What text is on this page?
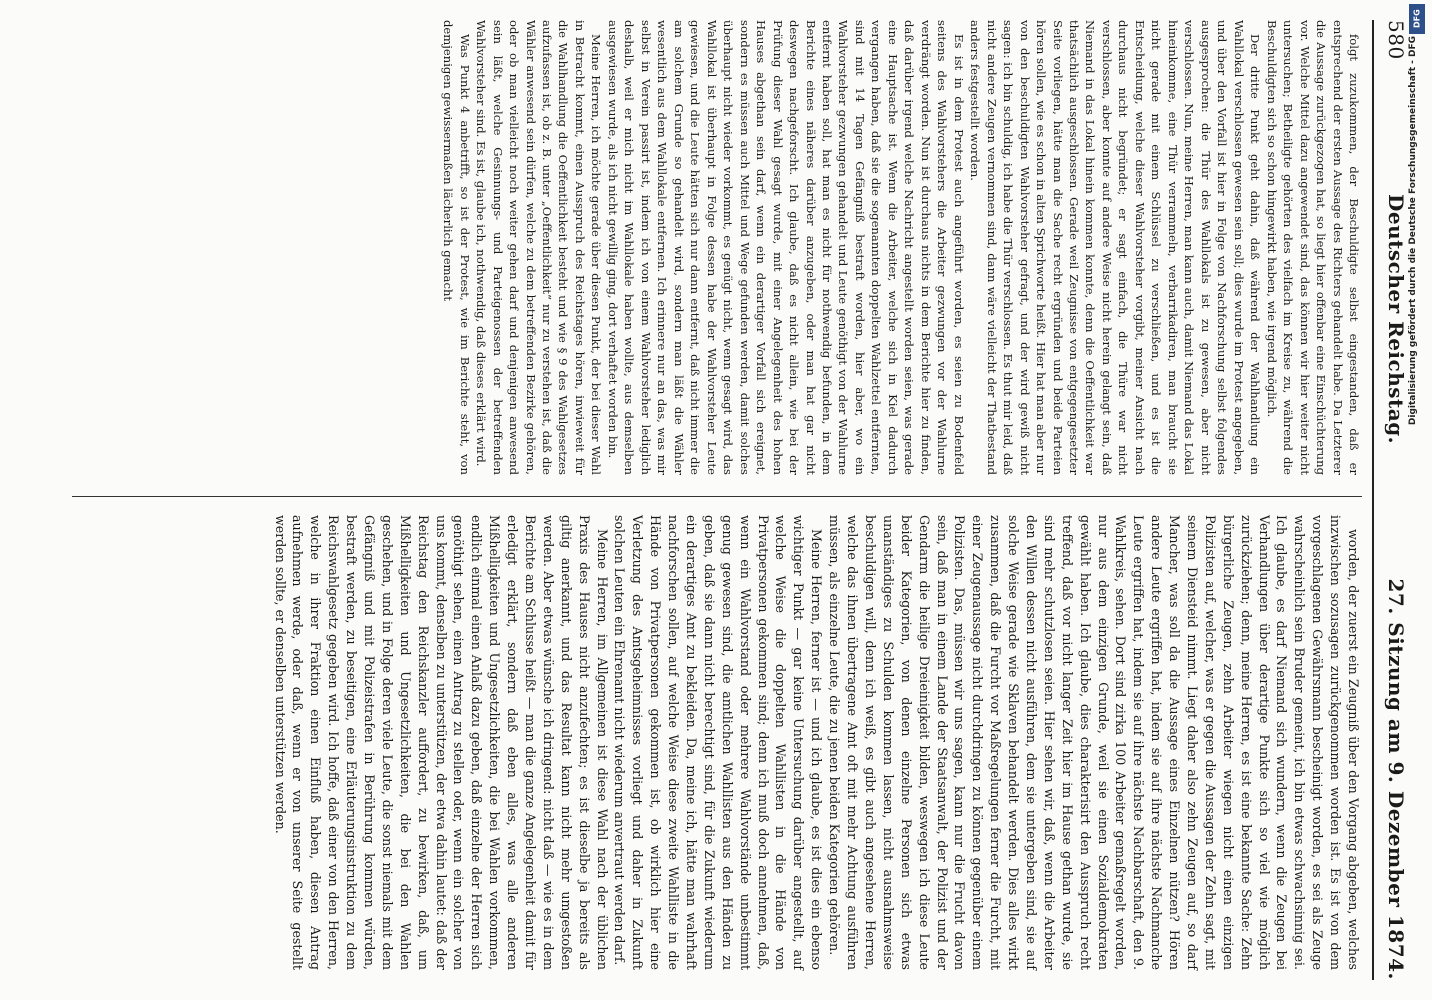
580
Deutscher Reichstag.
27. Sitzung am 9. Dezember 1874.

folgt zuzukommen, der Beschuldigte selbst eingestanden, daß er entsprechend der ersten Aussage des Richters gehandelt habe. Da Letzterer die Aussage zurückgezogen hat, so liegt hier offenbar eine Einschüchterung vor. Welche Mittel dazu angewendet sind, das können wir hier weiter nicht untersuchen; Betheiligte gehörten des vielfach im Kreise zu, während die Beschuldigten sich so schon hingewirkt haben, wie irgend möglich.

Der dritte Punkt geht dahin, daß während der Wahlhandlung ein Wahllokal verschlossen gewesen sein soll; dies wurde im Protest angegeben, und über den Vorfall ist hier in Folge von Nachforschung selbst folgendes ausgesprochen: die Thür des Wahllokals ist zu gewesen, aber nicht verschlossen. Nun, meine Herren, man kann auch, damit Niemand das Lokal hineinkomme, eine Thür verrammeln, verbarrikadiren, man braucht sie nicht gerade mit einem Schlüssel zu verschließen, und es ist die Entscheidung, welche dieser Wahlvorsteher vorgibt, meiner Ansicht nach durchaus nicht begründet; er sagt einfach, die Thüre war nicht verschlossen, aber konnte auf andere Weise nicht herein gelangt sein, daß Niemand in das Lokal hinein kommen konnte, denn die Oeffentlichkeit war thatsächlich ausgeschlossen. Gerade weil Zeugnisse von entgegengesetzter Seite vorliegen, hätte man die Sache recht ergründen und beide Parteien hören sollen, wie es schon in alten Sprichworte heißt. Hier hat man aber nur von den beschuldigten Wahlvorsteher gefragt, und der wird gewiß nicht sagen: ich bin schuldig, ich habe die Thür verschlossen. Es thut mir leid, daß nicht andere Zeugen vernommen sind, dann wäre vielleicht der Thatbestand anders festgestellt worden.

Es ist in dem Protest auch angeführt worden, es seien zu Bodenfeld seitens des Wahlvorstehers die Arbeiter gezwungen vor der Wahlurne verdrängt worden. Nun ist durchaus nichts in dem Berichte hier zu finden, daß darüber irgend welche Nachricht angestellt worden seien, was gerade eine Hauptsache ist. Wenn die Arbeiter, welche sich in Kiel dadurch vergangen haben, daß sie die sogenannten doppelten Wahlzettel entfernten, sind mit 14 Tagen Gefängniß bestraft worden, hier aber, wo ein Wahlvorsteher gezwungen gehandelt und Leute genöthigt von der Wahlurne entfernt haben soll, hat man es nicht für nothwendig befunden, in dem Berichte eines näheres darüber anzugeben, oder man hat gar nicht deswegen nachgeforscht. Ich glaube, daß es nicht allein, wie bei der Prüfung dieser Wahl gesagt wurde, mit einer Angelegenheit des hohen Hauses abgethan sein darf, wenn ein derartiger Vorfall sich ereignet, sondern es müssen auch Mittel und Wege gefunden werden, damit solches überhaupt nicht wieder vorkommt, es genügt nicht, wenn gesagt wird, das Wahllokal ist überhaupt in Folge dessen habe der Wahlvorsteher Leute gewiesen, und die Leute hätten sich nur dann entfernt, daß nicht immer die am solchem Grunde so gehandelt wird, sondern man läßt die Wähler wesentlich aus dem Wahllokale entfernen. Ich erinnere nur an das, was mir selbst in Verein passirt ist, indem ich von einem Wahlvorsteher lediglich deshalb, weil er mich nicht im Wahllokale haben wollte, aus demselben ausgewiesen wurde, als ich nicht gewillig ging, dort verhaftet worden bin.

Meine Herren, ich möchte gerade über diesen Punkt, der bei dieser Wahl in Betracht kommt, einen Ausspruch des Reichstages hören, inwieweit für die Wahlhandlung die Oeffentlichkeit besteht und wie § 9 des Wahlgesetzes aufzufassen ist, ob z. B. unter „Oeffentlichkeit“ nur zu verstehen ist, daß die Wähler anwesend sein dürfen, welche zu dem betreffenden Bezirke gehören, oder ob man vielleicht noch weiter gehen darf und denjenigen anwesend sein läßt, welche Gesinnungs- und Parteigenossen der betreffenden Wahlvorsteher sind. Es ist, glaube ich, nothwendig, daß dieses erklärt wird.

Was Punkt 4 anbetrifft, so ist der Protest, wie im Berichte steht, von demjenigen gewissermaßen lächerlich gemacht

worden, der zuerst ein Zeugniß über den Vorgang abgeben, welches inzwischen sozusagen zurückgenommen worden ist. Es ist von dem vorgeschlagenen Gewährsmann bescheinigt worden, es sei als Zeuge wahrscheinlich sein Bruder gemeint, ich bin etwas schwachsinnig sei. Ich glaube, es darf Niemand sich wundern, wenn die Zeugen bei Verhandlungen über derartige Punkte sich so viel wie möglich zurückziehen; denn, meine Herren, es ist eine bekannte Sache: Zehn bürgerliche Zeugen, zehn Arbeiter wiegen nicht einen einzigen Polizisten auf, welcher, was er gegen die Aussagen der Zehn sagt, mit seinem Diensteid nimmt. Liegt daher also zehn Zeugen auf, so darf Mancher, was soll da die Aussage eines Einzelnen nützen? Hören andere Leute ergriffen hat, indem sie auf ihre nächste Nachmanche Leute ergriffen hat, indem sie auf ihre nächste Nachbarschaft, den 9. Wahlkreis, sehen. Dort sind zirka 100 Arbeiter gemaßregelt worden, nur aus dem einzigen Grunde, weil sie einen Sozialdemokraten gewählt haben. Ich glaube, dies charakterisirt den Ausspruch recht treffend, daß vor nicht langer Zeit hier im Hause gethan wurde, sie sind mehr schutzlosen seien. Hier sehen wir, daß, wenn die Arbeiter den Willen dessen nicht ausführen, dem sie untergeben sind, sie auf solche Weise gerade wie Sklaven behandelt werden. Dies alles wirkt zusammen, daß die Furcht vor Maßregelungen ferner die Furcht, mit einer Zeugenaussage nicht durchdringen zu können gegenüber einem Polizisten. Das, müssen wir uns sagen, kann nur die Frucht davon sein, daß man in einem Lande der Staatsanwalt, der Polizist und der Gendarm die heilige Dreieinigkeit bilden, weswegen ich diese Leute beider Kategorien, von denen einzelne Personen sich etwas unanständiges zu Schulden kommen lassen, nicht ausnahmsweise beschuldigen will, denn ich weiß, es gibt auch angesehene Herren, welche das ihnen übertragene Amt oft mit mehr Achtung ausführen müssen, als einzelne Leute, die zu jenen beiden Kategorien gehören.

Meine Herren, ferner ist — und ich glaube, es ist dies ein ebenso wichtiger Punkt — gar keine Untersuchung darüber angestellt, auf welche Weise die doppelten Wahllisten in die Hände von Privatpersonen gekommen sind; denn ich muß doch annehmen, daß, wenn ein Wahlvorstand oder mehrere Wahlvorstände unbestimmt genug gewesen sind, die amtlichen Wahllisten aus den Händen zu geben, daß sie dann nicht berechtigt sind, für die Zukunft wiederum ein derartiges Amt zu bekleiden. Da, meine ich, hätte man wahrhaft nachforschen sollen, auf welche Weise diese zweite Wahlliste in die Hände von Privatpersonen gekommen ist, ob wirklich hier eine Verletzung des Amtsgeheimnisses vorliegt und daher in Zukunft solchen Leuten ein Ehrenamt nicht wiederum anvertraut werden darf.

Meine Herren, im Allgemeinen ist diese Wahl nach der üblichen Praxis des Hauses nicht anzufechten; es ist dieselbe ja bereits als giltig anerkannt, und das Resultat kann nicht mehr umgestoßen werden. Aber etwas wünsche ich dringend: nicht daß — wie es in dem Berichte am Schlusse heißt — man die ganze Angelegenheit damit für erledigt erklärt, sondern daß eben alles, was alle anderen Mißhelligkeiten und Ungesetzlichkeiten, die bei Wahlen vorkommen, endlich einmal einen Anlaß dazu geben, daß einzelne der Herren sich genöthigt sehen, einen Antrag zu stellen oder, wenn ein solcher von uns kommt, denselben zu unterstützen, der etwa dahin lautet: daß der Reichstag den Reichskanzler auffordert, zu bewirken, daß, um Mißhelligkeiten und Ungesetzlichkeiten, die bei den Wahlen geschehen, und in Folge deren viele Leute, die sonst niemals mit dem Gefängniß und mit Polizeistrafen in Berührung kommen würden, bestraft werden, zu beseitigen, eine Erläuterungsinstruktion zu dem Reichswahlgesetz gegeben wird. Ich hoffe, daß einer von den Herren, welche in ihrer Fraktion einen Einfluß haben, diesen Antrag aufnehmen werde, oder daß, wenn er von unserer Seite gestellt werden sollte, er denselben unterstützen werden.

DFG
Digitalisierung gefördert durch die Deutsche Forschungsgemeinschaft - DFG
